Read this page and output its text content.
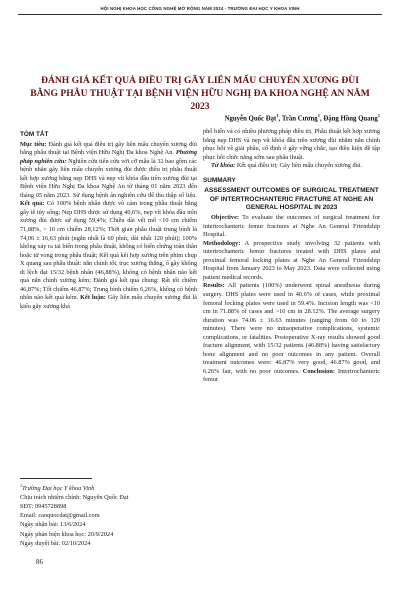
HỘI NGHỊ KHOA HỌC CÔNG NGHỆ MỞ RỘNG NĂM 2024 - TRƯỜNG ĐẠI HỌC Y KHOA VINH
ĐÁNH GIÁ KẾT QUẢ ĐIỀU TRỊ GÃY LIÊN MẤU CHUYỂN XƯƠNG ĐÙI BẰNG PHẪU THUẬT TẠI BỆNH VIỆN HỮU NGHỊ ĐA KHOA NGHỆ AN NĂM 2023
Nguyễn Quốc Đạt$^1$, Trần Cương$^1$, Đặng Hồng Quang$^1$
TÓM TẮT
Mục tiêu: Đánh giá kết quả điều trị gãy liên mấu chuyển xương đùi bằng phẫu thuật tại Bệnh viện Hữu Nghị Đa khoa Nghệ An. Phương pháp nghiên cứu: Nghiên cứu tiến cứu với cỡ mẫu là 32 bao gồm các bệnh nhân gãy liên mấu chuyển xương đùi được điều trị phẫu thuật kết hợp xương bằng nẹp DHS và nẹp vít khóa đầu trên xương đùi tại Bệnh viện Hữu Nghị Đa khoa Nghệ An từ tháng 01 năm 2023 đến tháng 05 năm 2023. Sử dụng bệnh án nghiên cứu để thu thập số liệu. Kết quả: Có 100% bệnh nhân được vô cảm trong phẫu thuật bằng gây tê tủy sống; Nẹp DHS được sử dụng 40,6%, nẹp vít khóa đầu trên xương đùi được sử dụng 59,4%; Chiều dài vết mổ <10 cm chiếm 71,88%, > 10 cm chiếm 28,12%; Thời gian phẫu thuật trung bình là 74,06 ± 16,63 phút (ngắn nhất là 60 phút, dài nhất 120 phút); 100% không xảy ra tai biến trong phẫu thuật, không có biến chứng toàn thân hoặc tử vong trong phẫu thuật; Kết quả kết hợp xương trên phim chụp X quang sau phẫu thuật: nắn chỉnh tốt, trục xương thẳng, ổ gãy không di lệch đạt 15/32 bệnh nhân (46,88%), không có bệnh nhân nào kết quả nắn chỉnh xương kém; Đánh giá kết quả chung: Rất tốt chiếm 46,87%; Tốt chiếm 46,87%; Trung bình chiếm 6,26%, không có bệnh nhân nào kết quả kém. Kết luận: Gãy liên mấu chuyển xương đùi là kiểu gãy xương khá
phổ biến và có nhiều phương pháp điều trị. Phẫu thuật kết hợp xương bằng nẹp DHS và nẹp vít khóa đầu trên xương đùi nhằm nắn chỉnh phục hồi về giải phẫu, cố định ổ gãy vững chắc, tạo điều kiện để tập phục hồi chức năng sớm sau phẫu thuật.
Từ khóa: Kết quả điều trị; Gãy liên mấu chuyển xương đùi.
SUMMARY
ASSESSMENT OUTCOMES OF SURGICAL TREATMENT OF INTERTROCHANTERIC FRACTURE AT NGHE AN GENERAL HOSPITAL IN 2023
Objective: To evaluate the outcomes of surgical treatment for intertrochanteric femur fractures at Nghe An General Friendship Hospital.
Methodology: A prospective study involving 32 patients with intertrochanteric femur fractures treated with DHS plates and proximal femoral locking plates at Nghe An General Friendship Hospital from January 2023 to May 2023. Data were collected using patient medical records.
Results: All patients (100%) underwent spinal anesthesia during surgery. DHS plates were used in 40.6% of cases, while proximal femoral locking plates were used in 59.4%. Incision length was <10 cm in 71.88% of cases and >10 cm in 28.12%. The average surgery duration was 74.06 ± 16.63 minutes (ranging from 60 to 120 minutes). There were no intraoperative complications, systemic complications, or fatalities. Postoperative X-ray results showed good fracture alignment, with 15/32 patients (46.88%) having satisfactory bone alignment and no poor outcomes in any patient. Overall treatment outcomes were: 46.87% very good, 46.87% good, and 6.26% fair, with no poor outcomes. Conclusion: Intertrochanteric femur
$^1$Trường Đại học Y khoa Vinh
Chịu trách nhiệm chính: Nguyễn Quốc Đạt
SĐT: 0945728898
Email: caoquocdat@gmail.com
Ngày nhận bài: 13/6/2024
Ngày phản biện khoa học: 20/9/2024
Ngày duyệt bài: 02/10/2024
86
